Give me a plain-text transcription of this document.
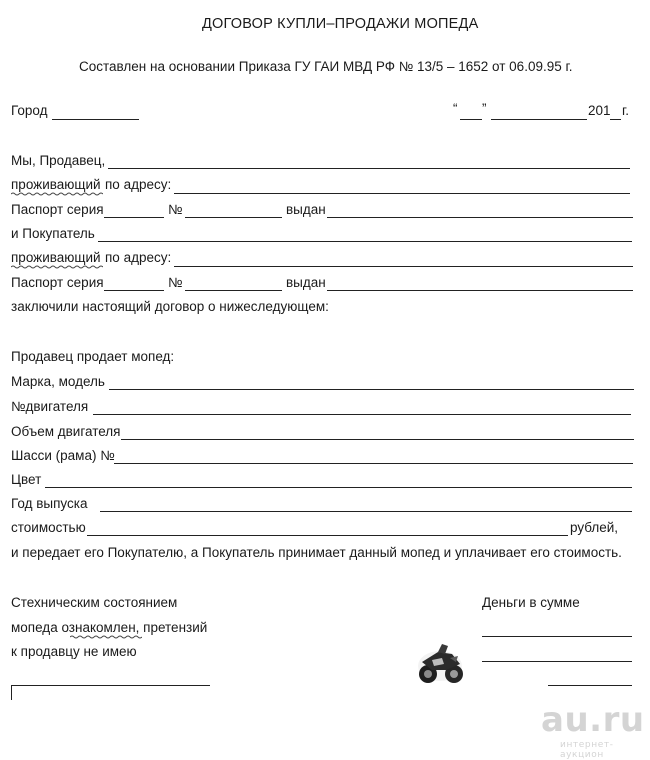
ДОГОВОР КУПЛИ–ПРОДАЖИ МОПЕДА
Составлен на основании Приказа ГУ ГАИ МВД РФ № 13/5 – 1652 от 06.09.95 г.
Город	“ ”	201 г.
Мы, Продавец,
проживающий по адресу:
Паспорт серия	№	выдан
и Покупатель
проживающий по адресу:
Паспорт серия	№	выдан
заключили настоящий договор о нижеследующем:
Продавец продает мопед:
Марка, модель
№двигателя
Объем двигателя
Шасси (рама) №
Цвет
Год выпуска
стоимостью	рублей,
и передает его Покупателю, а Покупатель принимает данный мопед и уплачивает его стоимость.
Стехническим состоянием
мопеда ознакомлен, претензий
к продавцу не имею
Деньги в сумме
au.ru
интернет-аукцион
